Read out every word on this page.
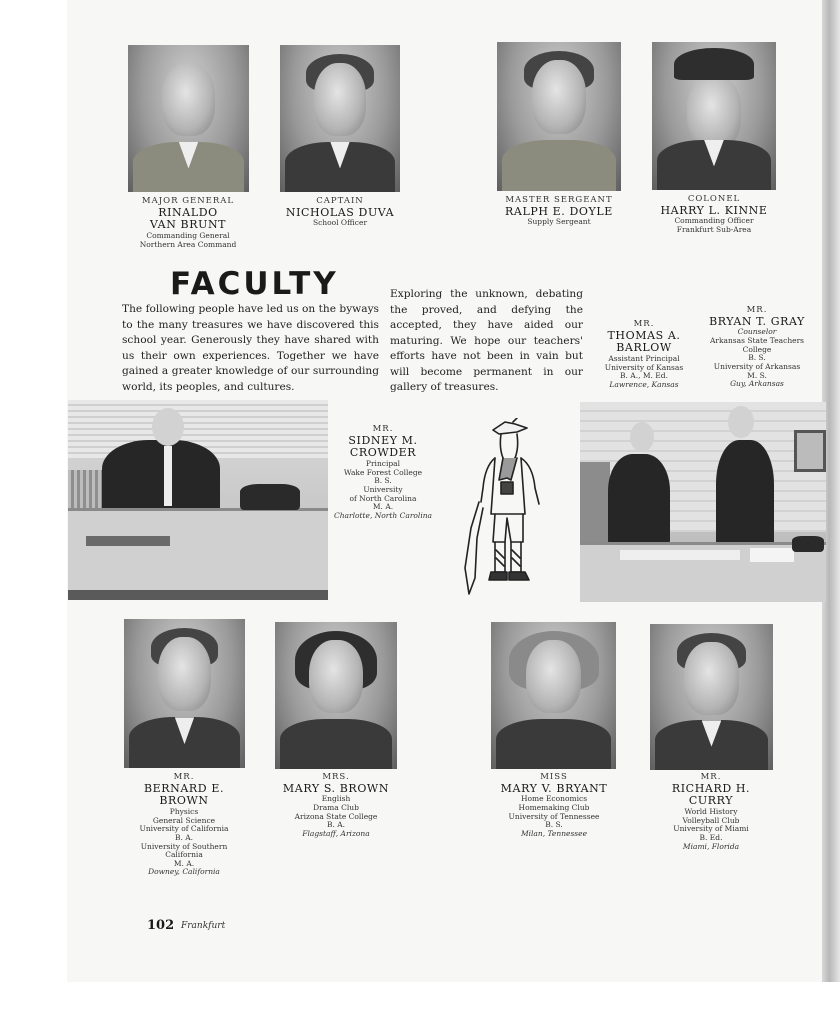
MAJOR GENERAL
RINALDO
VAN BRUNT
Commanding General
Northern Area Command
CAPTAIN
NICHOLAS DUVA
School Officer
MASTER SERGEANT
RALPH E. DOYLE
Supply Sergeant
COLONEL
HARRY L. KINNE
Commanding Officer
Frankfurt Sub-Area
FACULTY
The following people have led us on the byways to the many treasures we have discovered this school year. Generously they have shared with us their own experiences. Together we have gained a greater knowledge of our surrounding world, its peoples, and cultures.
Exploring the unknown, debating the proved, and defying the accepted, they have aided our maturing. We hope our teachers' efforts have not been in vain but will become permanent in our gallery of treasures.
MR.
THOMAS A.
BARLOW
Assistant Principal
University of Kansas
B. A., M. Ed.
Lawrence, Kansas
MR.
BRYAN T. GRAY
Counselor
Arkansas State Teachers
College
B. S.
University of Arkansas
M. S.
Guy, Arkansas
MR.
SIDNEY M.
CROWDER
Principal
Wake Forest College
B. S.
University
of North Carolina
M. A.
Charlotte, North Carolina
MR.
BERNARD E.
BROWN
Physics
General Science
University of California
B. A.
University of Southern
California
M. A.
Downey, California
MRS.
MARY S. BROWN
English
Drama Club
Arizona State College
B. A.
Flagstaff, Arizona
MISS
MARY V. BRYANT
Home Economics
Homemaking Club
University of Tennessee
B. S.
Milan, Tennessee
MR.
RICHARD H.
CURRY
World History
Volleyball Club
University of Miami
B. Ed.
Miami, Florida
102 Frankfurt
